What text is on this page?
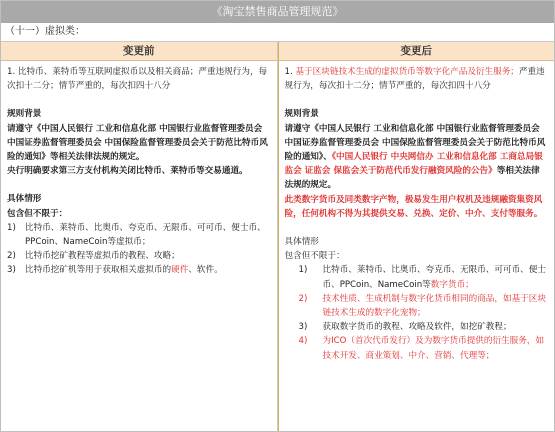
《淘宝禁售商品管理规范》
（十一）虚拟类：
变更前

1. 比特币、莱特币等互联网虚拟币以及相关商品；严重违规行为，每次扣十二分；情节严重的，每次扣四十八分

规则背景

请遵守《中国人民银行 工业和信息化部 中国银行业监督管理委员会 中国证券监督管理委员会 中国保险监督管理委员会关于防范比特币风险的通知》等相关法律法规的规定。

央行明确要求第三方支付机构关闭比特币、莱特币等交易通道。

具体情形

包含但不限于：

1)	比特币、莱特币、比奥币、夸克币、无限币、可可币、便士币、PPCoin、NameCoin等虚拟币；
2)	比特币挖矿教程等虚拟币的教程、攻略；
3)	比特币挖矿机等用于获取相关虚拟币的硬件、软件。
变更后

1. 基于区块链技术生成的虚拟货币等数字化产品及衍生服务；严重违规行为，每次扣十二分；情节严重的，每次扣四十八分

规则背景

请遵守《中国人民银行 工业和信息化部 中国银行业监督管理委员会 中国证券监督管理委员会 中国保险监督管理委员会关于防范比特币风险的通知》、《中国人民银行 中央网信办 工业和信息化部 工商总局银监会 证监会 保监会关于防范代币发行融资风险的公告》等相关法律法规的规定。

此类数字货币及同类数字产物，极易发生用户权机及违规融资集资风险，任何机构不得为其提供交易、兑换、定价、中介、支付等服务。

具体情形

包含但不限于：

1)	比特币、莱特币、比奥币、夸克币、无限币、可可币、便士币、PPCoin、NameCoin等数字货币；
2)	技术性质、生成机制与数字化货币相同的商品，如基于区块链技术生成的数字化宠物；
3)	获取数字货币的教程、攻略及软件，如挖矿教程；
4)	为ICO（首次代币发行）及为数字货币提供的衍生服务，如技术开发、商业策划、中介、营销、代理等；
